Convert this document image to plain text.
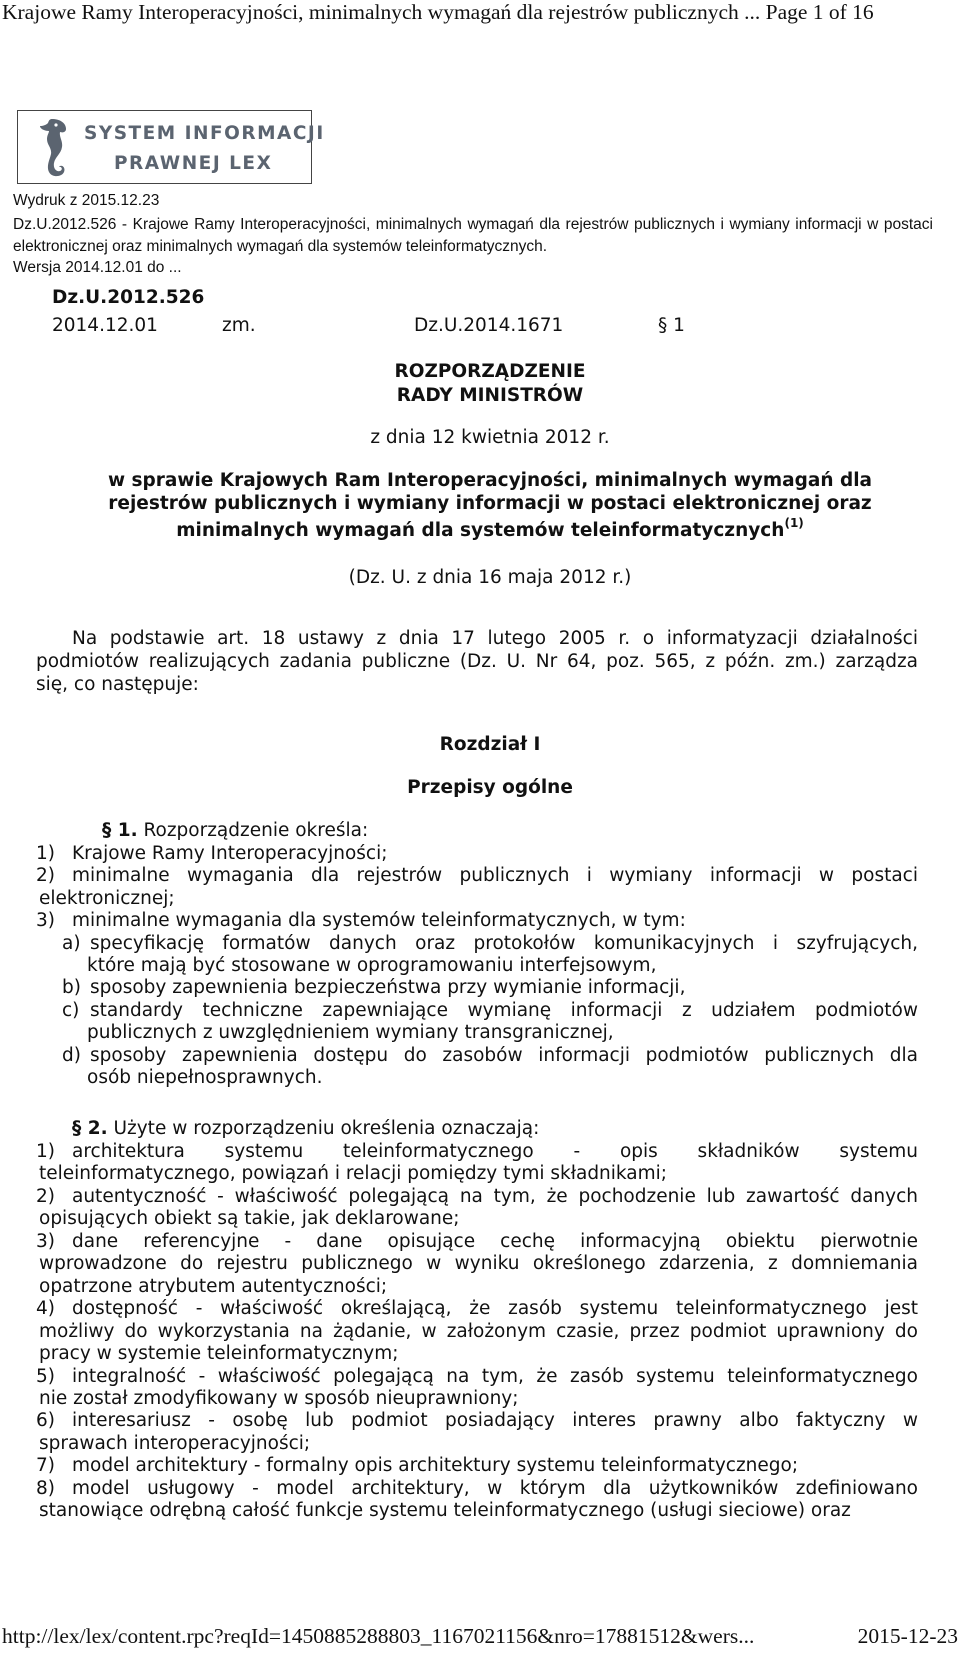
Krajowe Ramy Interoperacyjności, minimalnych wymagań dla rejestrów publicznych ... Page 1 of 16
SYSTEM INFORMACJI
PRAWNEJ LEX
Wydruk z 2015.12.23
Dz.U.2012.526 - Krajowe Ramy Interoperacyjności, minimalnych wymagań dla rejestrów publicznych i wymiany informacji w postaci elektronicznej oraz minimalnych wymagań dla systemów teleinformatycznych.
Wersja 2014.12.01 do ...
Dz.U.2012.526
2014.12.01	zm.	Dz.U.2014.1671	§ 1
ROZPORZĄDZENIE
RADY MINISTRÓW
z dnia 12 kwietnia 2012 r.
w sprawie Krajowych Ram Interoperacyjności, minimalnych wymagań dla
rejestrów publicznych i wymiany informacji w postaci elektronicznej oraz
minimalnych wymagań dla systemów teleinformatycznych$^{(1)}$
(Dz. U. z dnia 16 maja 2012 r.)
Na podstawie art. 18 ustawy z dnia 17 lutego 2005 r. o informatyzacji działalności
podmiotów realizujących zadania publiczne (Dz. U. Nr 64, poz. 565, z późn. zm.) zarządza
się, co następuje:
Rozdział I
Przepisy ogólne
§ 1. Rozporządzenie określa:
1) Krajowe Ramy Interoperacyjności;
2) minimalne wymagania dla rejestrów publicznych i wymiany informacji w postaci
elektronicznej;
3) minimalne wymagania dla systemów teleinformatycznych, w tym:
a) specyfikację formatów danych oraz protokołów komunikacyjnych i szyfrujących,
które mają być stosowane w oprogramowaniu interfejsowym,
b) sposoby zapewnienia bezpieczeństwa przy wymianie informacji,
c) standardy techniczne zapewniające wymianę informacji z udziałem podmiotów
publicznych z uwzględnieniem wymiany transgranicznej,
d) sposoby zapewnienia dostępu do zasobów informacji podmiotów publicznych dla
osób niepełnosprawnych.
§ 2. Użyte w rozporządzeniu określenia oznaczają:
1) architektura systemu teleinformatycznego - opis składników systemu
teleinformatycznego, powiązań i relacji pomiędzy tymi składnikami;
2) autentyczność - właściwość polegającą na tym, że pochodzenie lub zawartość danych
opisujących obiekt są takie, jak deklarowane;
3) dane referencyjne - dane opisujące cechę informacyjną obiektu pierwotnie
wprowadzone do rejestru publicznego w wyniku określonego zdarzenia, z domniemania
opatrzone atrybutem autentyczności;
4) dostępność - właściwość określającą, że zasób systemu teleinformatycznego jest
możliwy do wykorzystania na żądanie, w założonym czasie, przez podmiot uprawniony do
pracy w systemie teleinformatycznym;
5) integralność - właściwość polegającą na tym, że zasób systemu teleinformatycznego
nie został zmodyfikowany w sposób nieuprawniony;
6) interesariusz - osobę lub podmiot posiadający interes prawny albo faktyczny w
sprawach interoperacyjności;
7) model architektury - formalny opis architektury systemu teleinformatycznego;
8) model usługowy - model architektury, w którym dla użytkowników zdefiniowano
stanowiące odrębną całość funkcje systemu teleinformatycznego (usługi sieciowe) oraz
http://lex/lex/content.rpc?reqId=1450885288803_1167021156&nro=17881512&wers...	2015-12-23
